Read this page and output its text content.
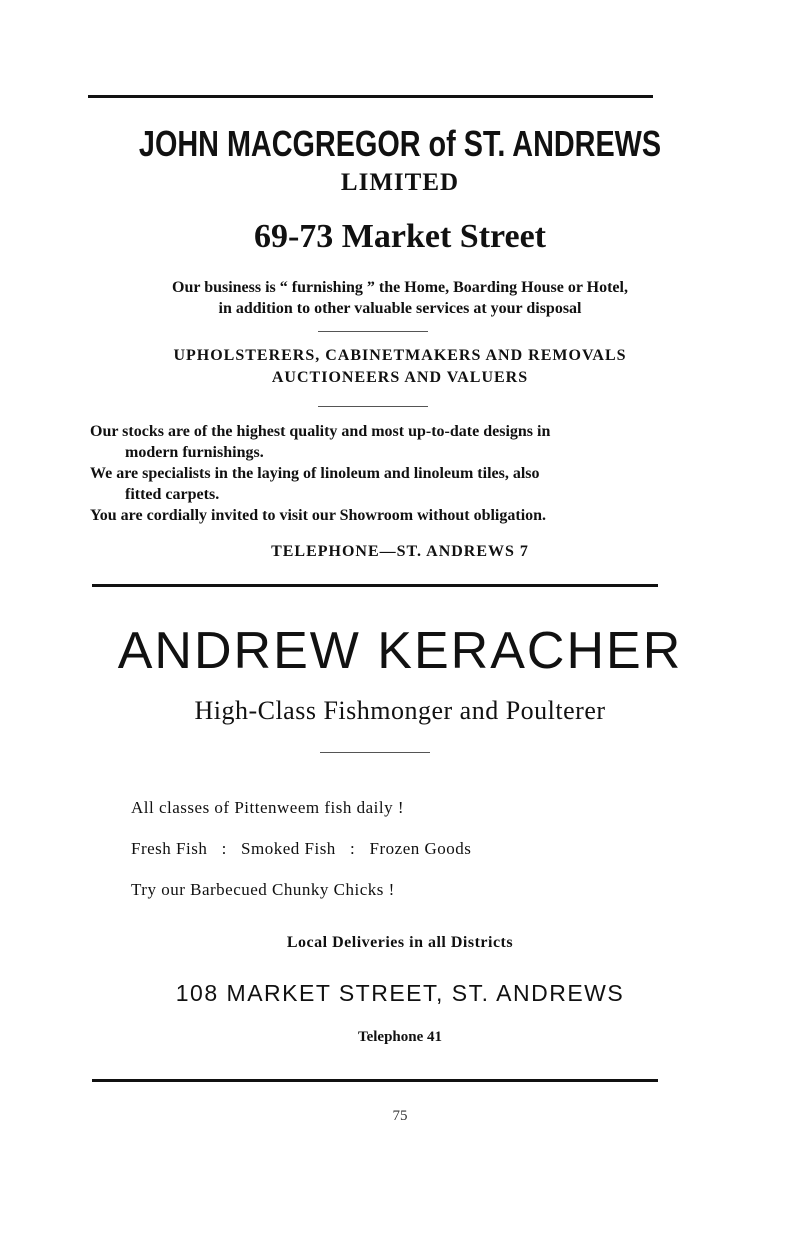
JOHN MACGREGOR of ST. ANDREWS
LIMITED
69-73 Market Street
Our business is “ furnishing ” the Home, Boarding House or Hotel,
in addition to other valuable services at your disposal
UPHOLSTERERS, CABINETMAKERS AND REMOVALS
AUCTIONEERS AND VALUERS
Our stocks are of the highest quality and most up-to-date designs in
modern furnishings.
We are specialists in the laying of linoleum and linoleum tiles, also
fitted carpets.
You are cordially invited to visit our Showroom without obligation.
TELEPHONE—ST. ANDREWS 7
ANDREW KERACHER
High-Class Fishmonger and Poulterer
All classes of Pittenweem fish daily !
Fresh Fish   :   Smoked Fish   :   Frozen Goods
Try our Barbecued Chunky Chicks !
Local Deliveries in all Districts
108 MARKET STREET, ST. ANDREWS
Telephone 41
75
